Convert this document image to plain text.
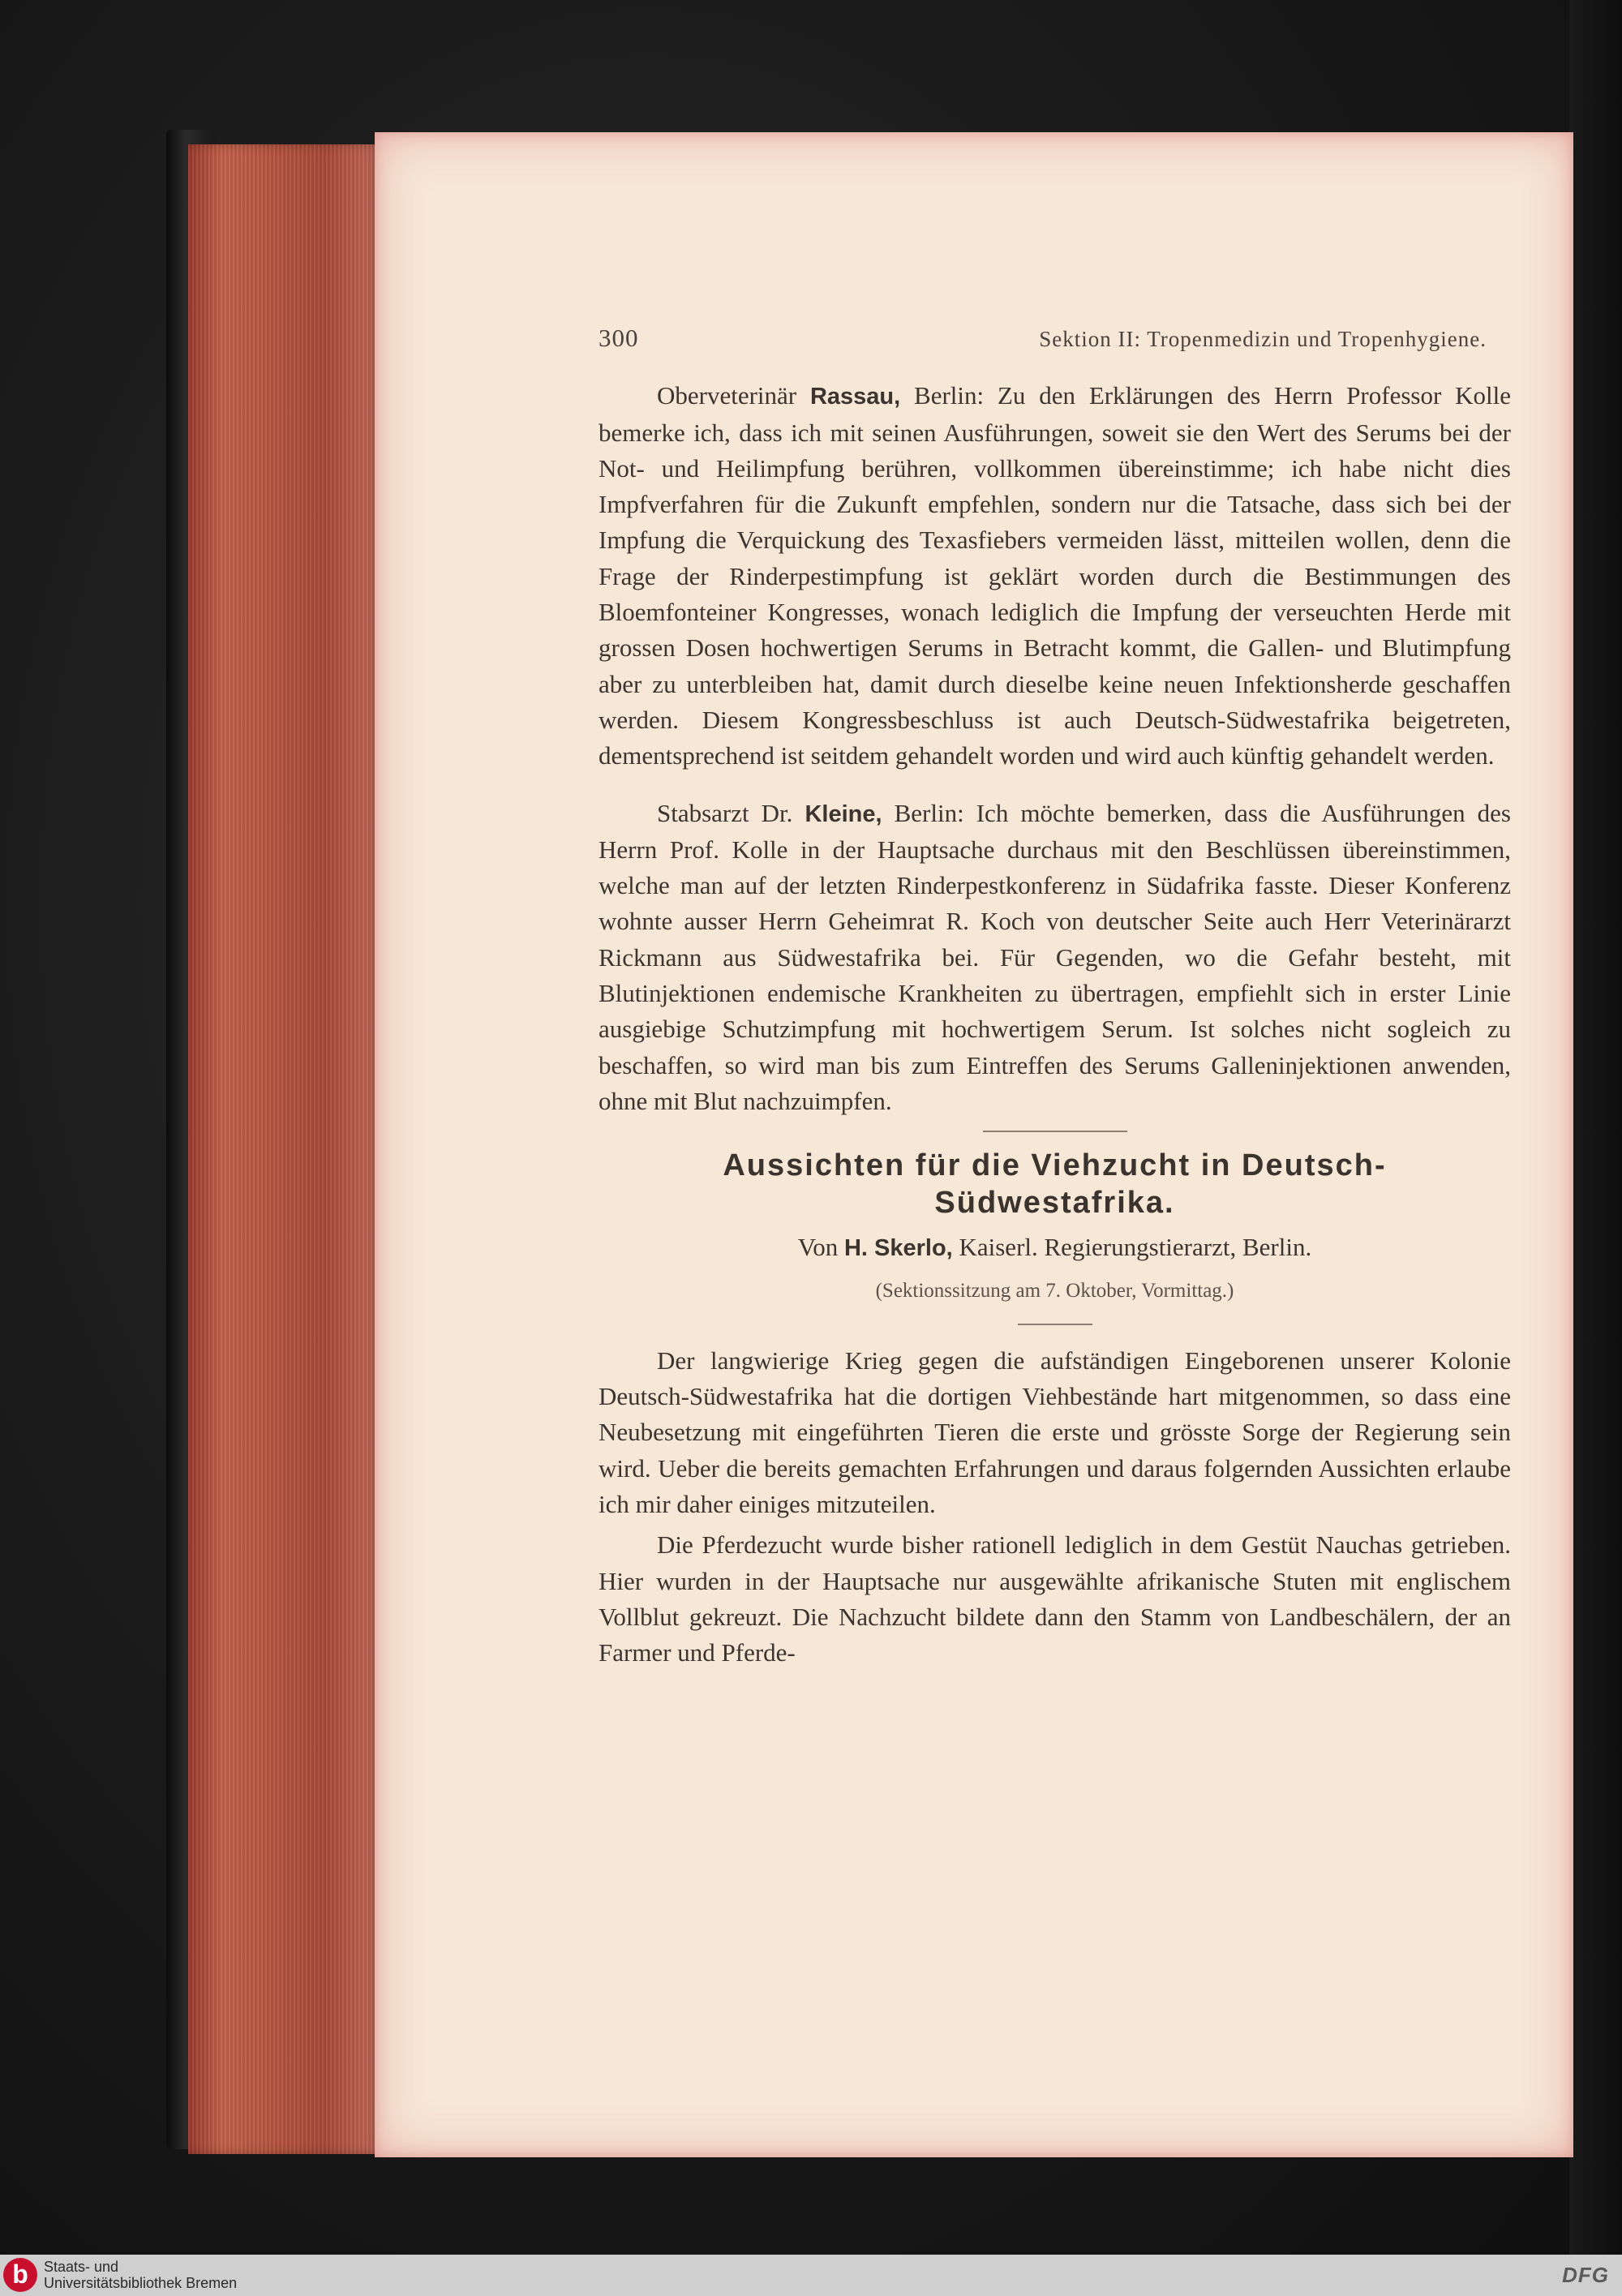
300	Sektion II: Tropenmedizin und Tropenhygiene.

Oberveterinär Rassau, Berlin: Zu den Erklärungen des Herrn Professor Kolle bemerke ich, dass ich mit seinen Ausführungen, soweit sie den Wert des Serums bei der Not- und Heilimpfung berühren, vollkommen übereinstimme; ich habe nicht dies Impfverfahren für die Zukunft empfehlen, sondern nur die Tatsache, dass sich bei der Impfung die Verquickung des Texasfiebers vermeiden lässt, mitteilen wollen, denn die Frage der Rinderpestimpfung ist geklärt worden durch die Bestimmungen des Bloemfonteiner Kongresses, wonach lediglich die Impfung der verseuchten Herde mit grossen Dosen hochwertigen Serums in Betracht kommt, die Gallen- und Blutimpfung aber zu unterbleiben hat, damit durch dieselbe keine neuen Infektionsherde geschaffen werden. Diesem Kongressbeschluss ist auch Deutsch-Südwestafrika beigetreten, dementsprechend ist seitdem gehandelt worden und wird auch künftig gehandelt werden.

Stabsarzt Dr. Kleine, Berlin: Ich möchte bemerken, dass die Ausführungen des Herrn Prof. Kolle in der Hauptsache durchaus mit den Beschlüssen übereinstimmen, welche man auf der letzten Rinderpestkonferenz in Südafrika fasste. Dieser Konferenz wohnte ausser Herrn Geheimrat R. Koch von deutscher Seite auch Herr Veterinärarzt Rickmann aus Südwestafrika bei. Für Gegenden, wo die Gefahr besteht, mit Blutinjektionen endemische Krankheiten zu übertragen, empfiehlt sich in erster Linie ausgiebige Schutzimpfung mit hochwertigem Serum. Ist solches nicht sogleich zu beschaffen, so wird man bis zum Eintreffen des Serums Galleninjektionen anwenden, ohne mit Blut nachzuimpfen.

Aussichten für die Viehzucht in Deutsch-
Südwestafrika.
Von H. Skerlo, Kaiserl. Regierungstierarzt, Berlin.
(Sektionssitzung am 7. Oktober, Vormittag.)

Der langwierige Krieg gegen die aufständigen Eingeborenen unserer Kolonie Deutsch-Südwestafrika hat die dortigen Viehbestände hart mitgenommen, so dass eine Neubesetzung mit eingeführten Tieren die erste und grösste Sorge der Regierung sein wird. Ueber die bereits gemachten Erfahrungen und daraus folgernden Aussichten erlaube ich mir daher einiges mitzuteilen.

Die Pferdezucht wurde bisher rationell lediglich in dem Gestüt Nauchas getrieben. Hier wurden in der Hauptsache nur ausgewählte afrikanische Stuten mit englischem Vollblut gekreuzt. Die Nachzucht bildete dann den Stamm von Landbeschälern, der an Farmer und Pferde-

b	Staats- und
Universitätsbibliothek Bremen	DFG
